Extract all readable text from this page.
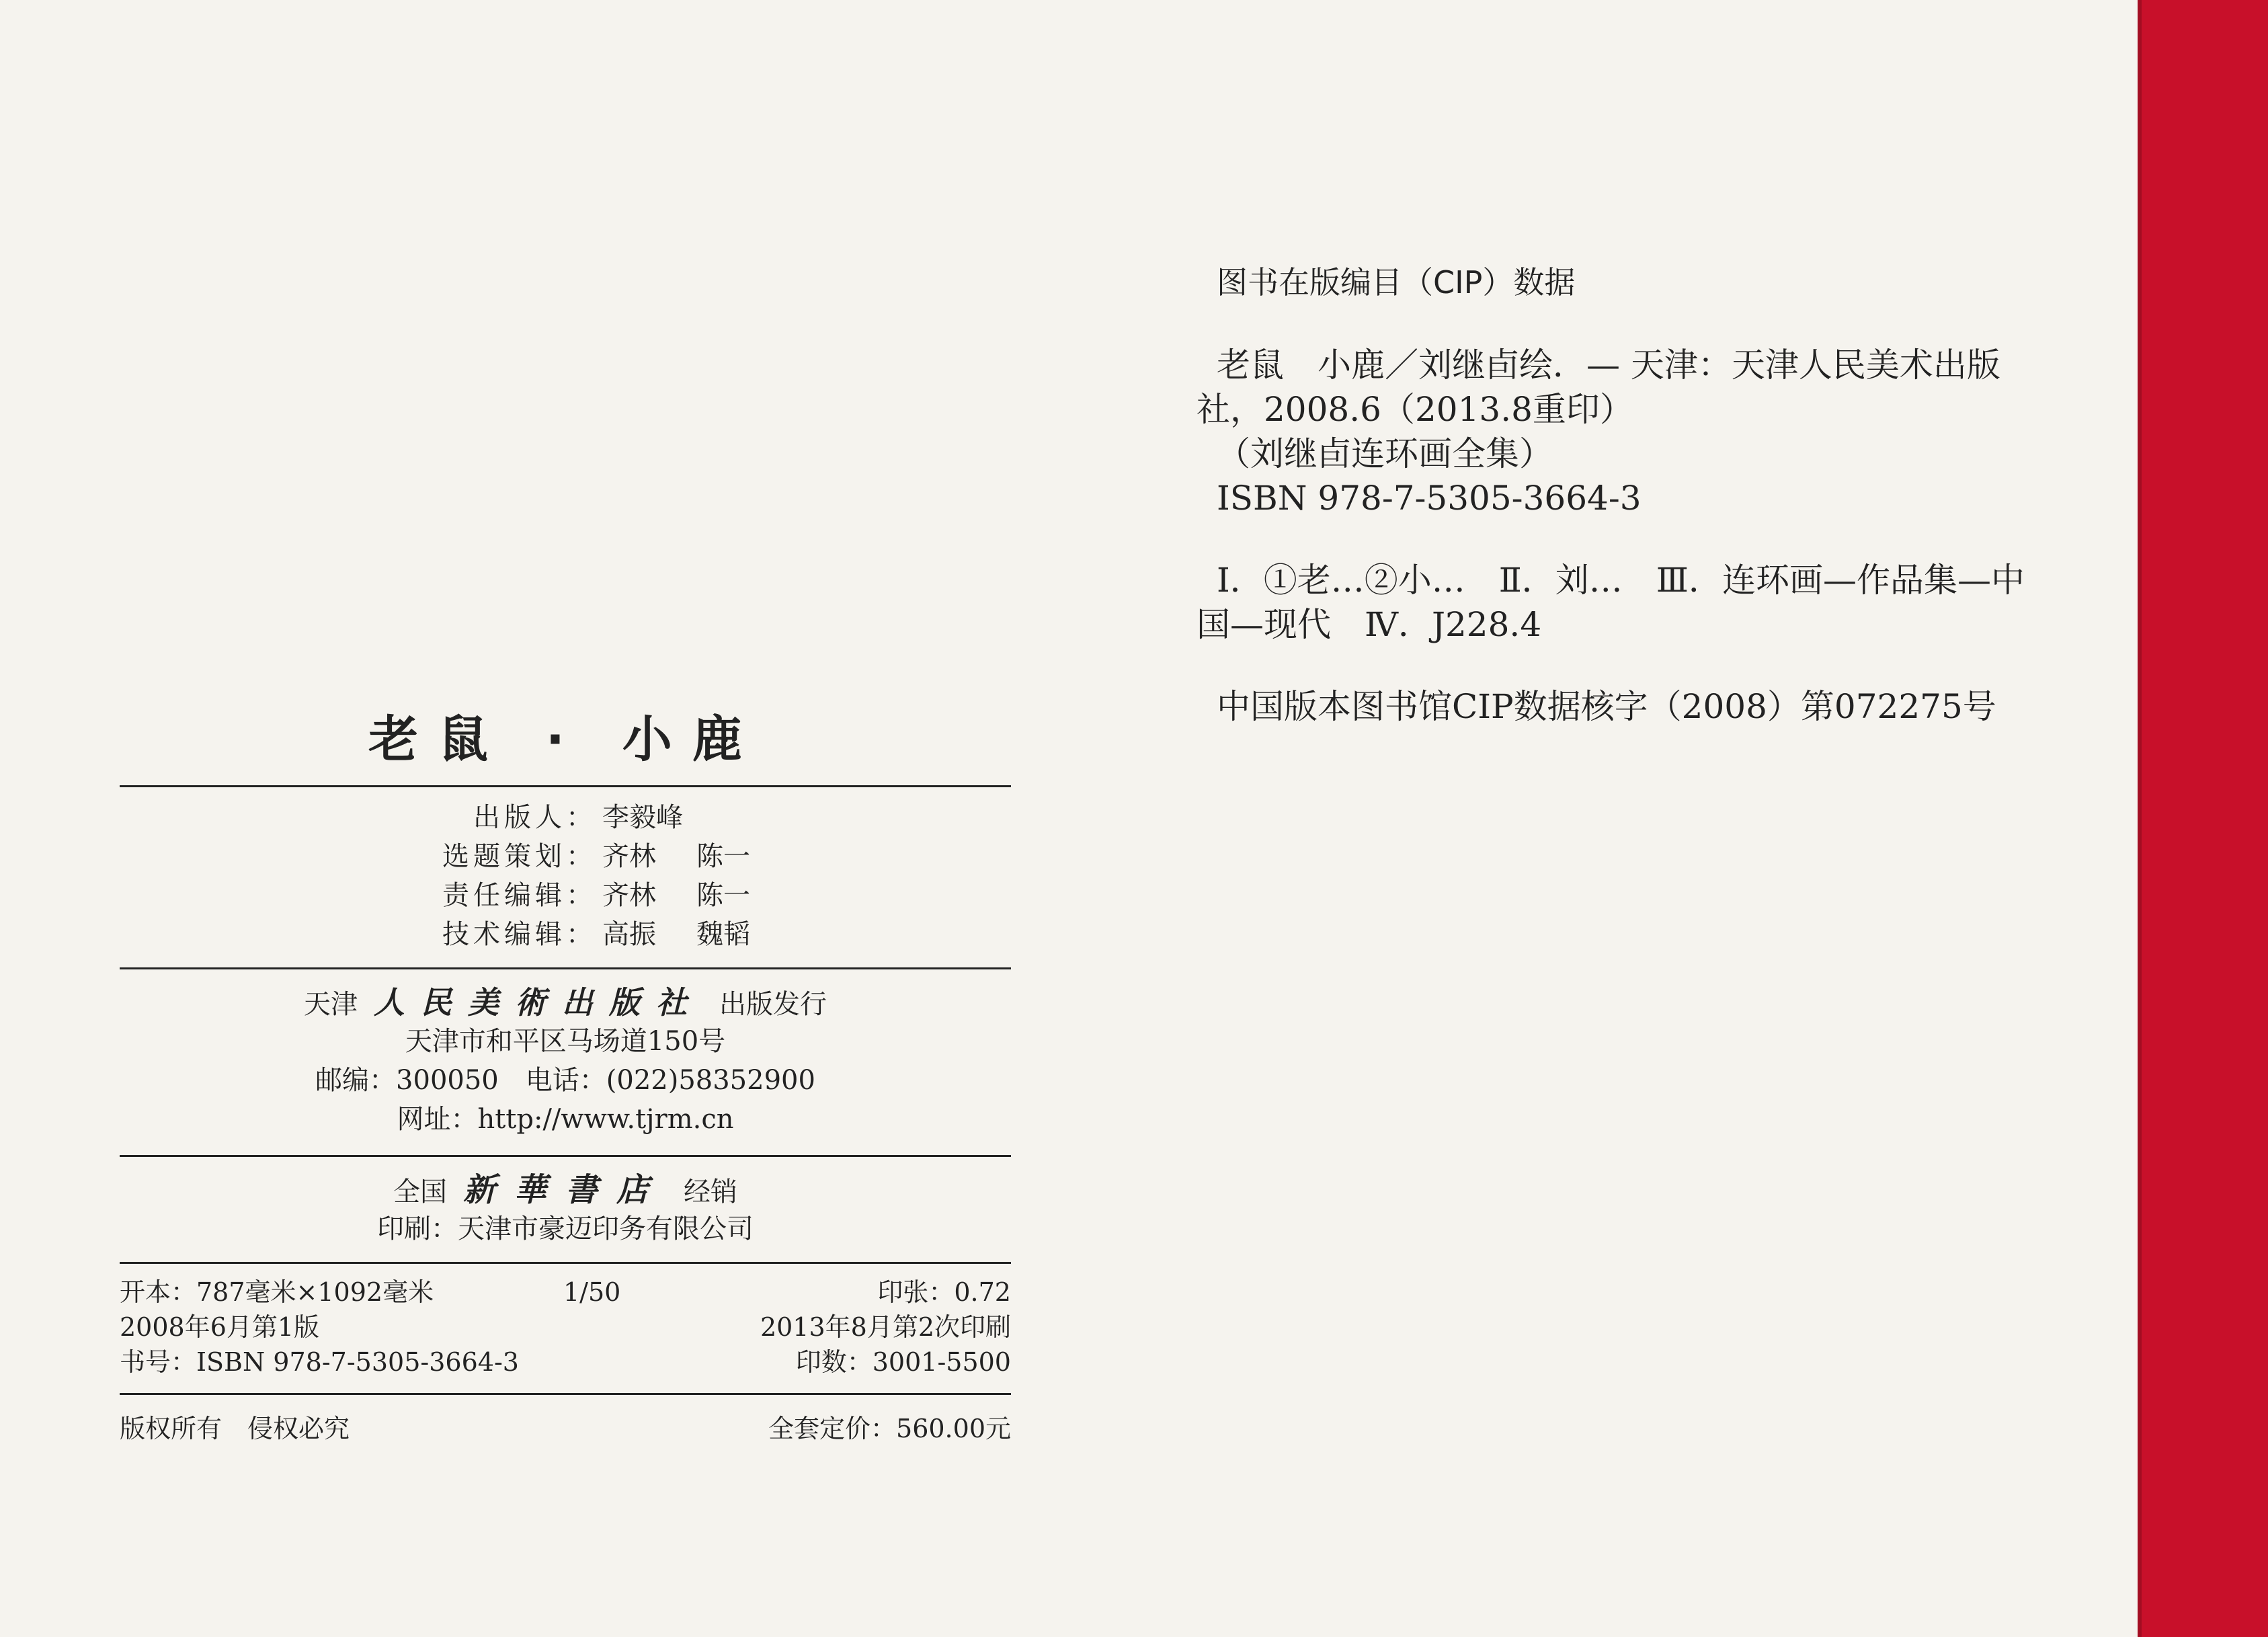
老鼠 · 小鹿
出版人： 李毅峰
选题策划： 齐林 陈一
责任编辑： 齐林 陈一
技术编辑： 高振 魏韬
天津 人民美術出版社 出版发行
天津市和平区马场道150号
邮编：300050　 电话：(022)58352900
网址：http://www.tjrm.cn
全国 新華書店 经销
印刷：天津市豪迈印务有限公司
开本：787毫米×1092毫米	1/50	印张：0.72
2008年6月第1版	2013年8月第2次印刷
书号：ISBN 978-7-5305-3664-3	印数：3001-5500
版权所有　侵权必究	全套定价：560.00元
图书在版编目（CIP）数据
老鼠　小鹿／刘继卣绘．— 天津：天津人民美术出版
社，2008.6（2013.8重印）
（刘继卣连环画全集）
ISBN 978-7-5305-3664-3
Ⅰ．①老…②小…　Ⅱ．刘…　Ⅲ．连环画—作品集—中
国—现代　Ⅳ．J228.4
中国版本图书馆CIP数据核字（2008）第072275号
